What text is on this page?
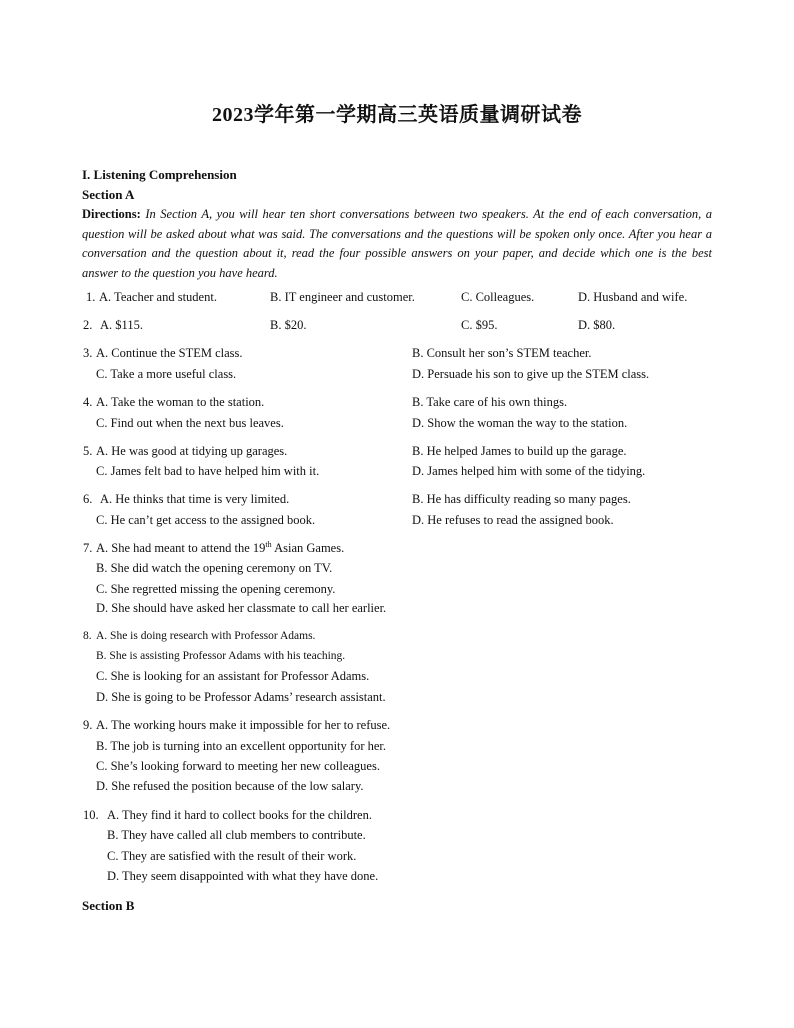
2023学年第一学期高三英语质量调研试卷
I. Listening Comprehension
Section A
Directions: In Section A, you will hear ten short conversations between two speakers. At the end of each conversation, a question will be asked about what was said. The conversations and the questions will be spoken only once. After you hear a conversation and the question about it, read the four possible answers on your paper, and decide which one is the best answer to the question you have heard.
1. A. Teacher and student.	B. IT engineer and customer.	C. Colleagues.	D. Husband and wife.
2. A. $115.	B. $20.	C. $95.	D. $80.
3. A. Continue the STEM class.	B. Consult her son’s STEM teacher.
C. Take a more useful class.	D. Persuade his son to give up the STEM class.
4. A. Take the woman to the station.	B. Take care of his own things.
C. Find out when the next bus leaves.	D. Show the woman the way to the station.
5. A. He was good at tidying up garages.	B. He helped James to build up the garage.
C. James felt bad to have helped him with it.	D. James helped him with some of the tidying.
6. A. He thinks that time is very limited.	B. He has difficulty reading so many pages.
C. He can’t get access to the assigned book.	D. He refuses to read the assigned book.
7. A. She had meant to attend the 19th Asian Games.
B. She did watch the opening ceremony on TV.
C. She regretted missing the opening ceremony.
D. She should have asked her classmate to call her earlier.
8. A. She is doing research with Professor Adams.
B. She is assisting Professor Adams with his teaching.
C. She is looking for an assistant for Professor Adams.
D. She is going to be Professor Adams’ research assistant.
9. A. The working hours make it impossible for her to refuse.
B. The job is turning into an excellent opportunity for her.
C. She’s looking forward to meeting her new colleagues.
D. She refused the position because of the low salary.
10. A. They find it hard to collect books for the children.
B. They have called all club members to contribute.
C. They are satisfied with the result of their work.
D. They seem disappointed with what they have done.
Section B
